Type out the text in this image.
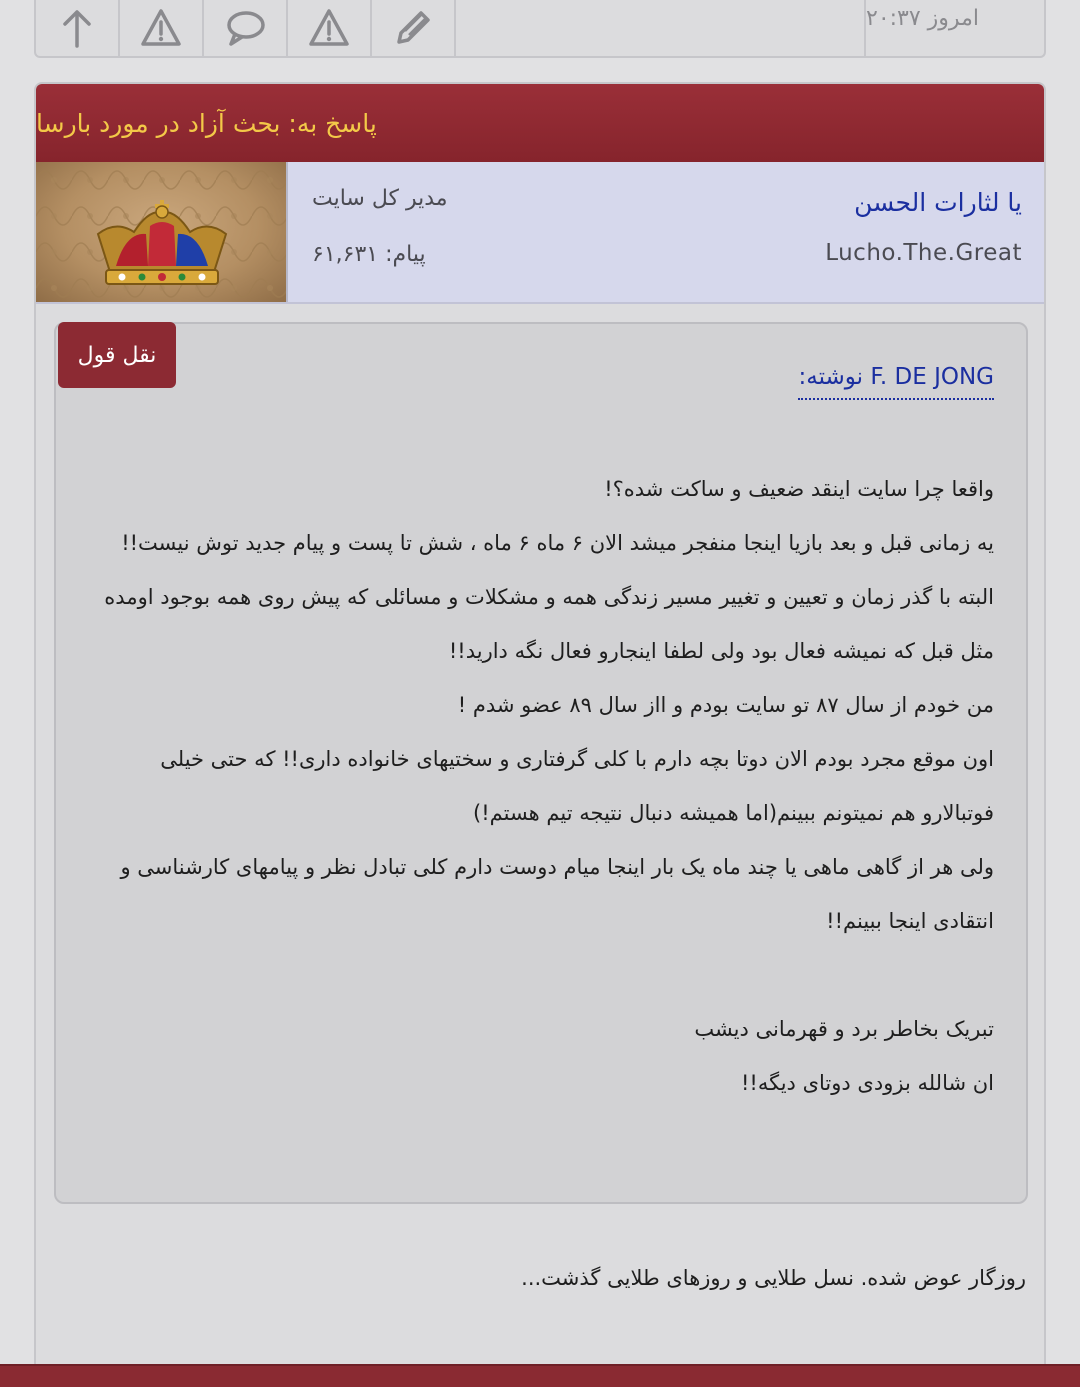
امروز ۲۰:۳۷
پاسخ به: بحث آزاد در مورد بارسا
یا لثارات الحسن
Lucho.The.Great
مدیر کل سایت
پیام: ۶۱,۶۳۱
نقل قول
F. DE JONG نوشته:

واقعا چرا سایت اینقد ضعیف و ساکت شده؟!

یه زمانی قبل و بعد بازیا اینجا منفجر میشد الان ۶ ماه ۶ ماه ، شش تا پست و پیام جدید توش نیست!!

البته با گذر زمان و تعیین و تغییر مسیر زندگی همه و مشکلات و مسائلی که پیش روی همه بوجود اومده مثل قبل که نمیشه فعال بود ولی لطفا اینجارو فعال نگه دارید!!

من خودم از سال ۸۷ تو سایت بودم و ااز سال ۸۹ عضو شدم !

اون موقع مجرد بودم الان دوتا بچه دارم با کلی گرفتاری و سختیهای خانواده داری!! که حتی خیلی فوتبالارو هم نمیتونم ببینم(اما همیشه دنبال نتیجه تیم هستم!)

ولی هر از گاهی ماهی یا چند ماه یک بار اینجا میام دوست دارم کلی تبادل نظر و پیامهای کارشناسی و انتقادی اینجا ببینم!!

تبریک بخاطر برد و قهرمانی دیشب

ان شالله بزودی دوتای دیگه!!

روزگار عوض شده. نسل طلایی و روزهای طلایی گذشت...
